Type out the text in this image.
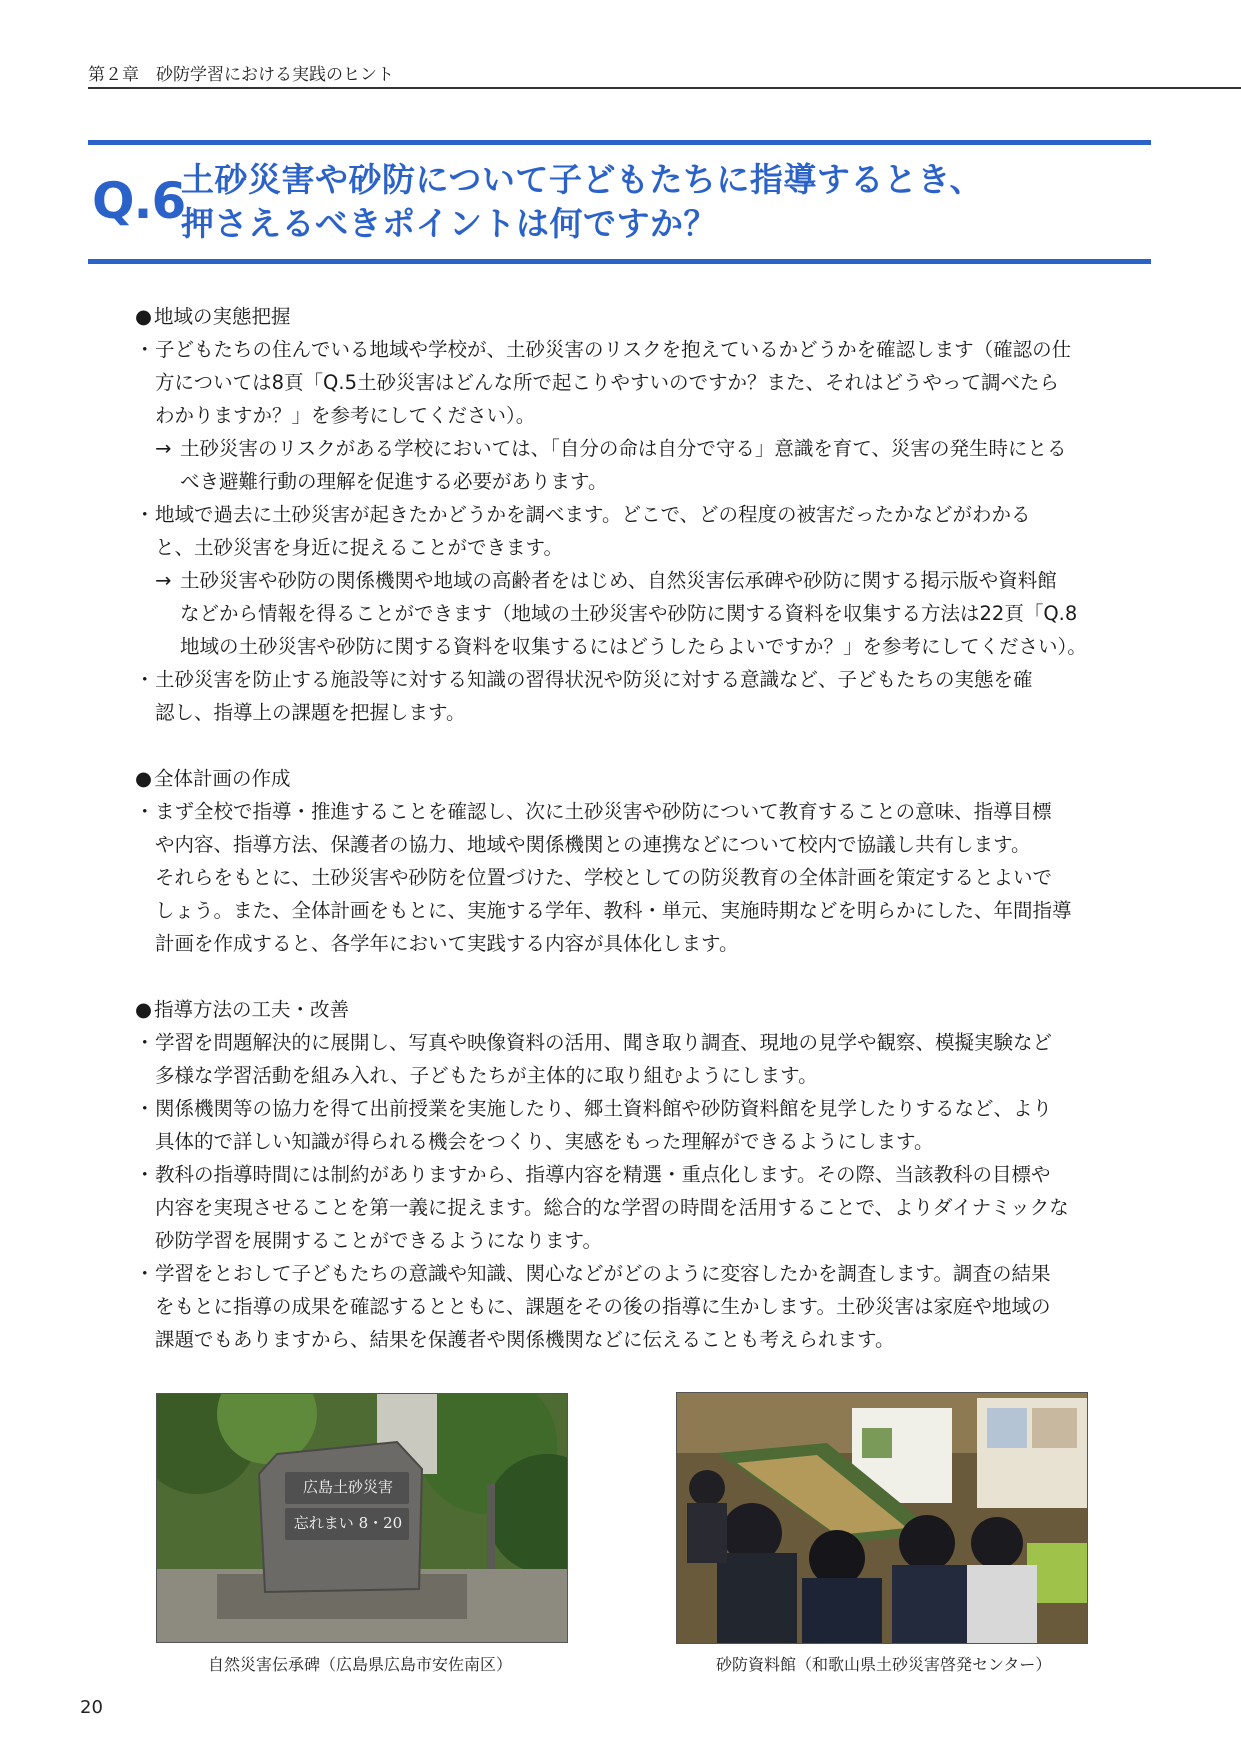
第２章　砂防学習における実践のヒント
Q.6
土砂災害や砂防について子どもたちに指導するとき、
押さえるべきポイントは何ですか？

● 地域の実態把握

・ 子どもたちの住んでいる地域や学校が、土砂災害のリスクを抱えているかどうかを確認します（確認の仕
方については8頁「Q.5土砂災害はどんな所で起こりやすいのですか？また、それはどうやって調べたら
わかりますか？」を参考にしてください）。

→ 土砂災害のリスクがある学校においては、「自分の命は自分で守る」意識を育て、災害の発生時にとる
べき避難行動の理解を促進する必要があります。

・ 地域で過去に土砂災害が起きたかどうかを調べます。どこで、どの程度の被害だったかなどがわかる
と、土砂災害を身近に捉えることができます。

→ 土砂災害や砂防の関係機関や地域の高齢者をはじめ、自然災害伝承碑や砂防に関する掲示版や資料館
などから情報を得ることができます（地域の土砂災害や砂防に関する資料を収集する方法は22頁「Q.8
地域の土砂災害や砂防に関する資料を収集するにはどうしたらよいですか？」を参考にしてください）。

・ 土砂災害を防止する施設等に対する知識の習得状況や防災に対する意識など、子どもたちの実態を確
認し、指導上の課題を把握します。

● 全体計画の作成

・ まず全校で指導・推進することを確認し、次に土砂災害や砂防について教育することの意味、指導目標
や内容、指導方法、保護者の協力、地域や関係機関との連携などについて校内で協議し共有します。
それらをもとに、土砂災害や砂防を位置づけた、学校としての防災教育の全体計画を策定するとよいで
しょう。また、全体計画をもとに、実施する学年、教科・単元、実施時期などを明らかにした、年間指導
計画を作成すると、各学年において実践する内容が具体化します。

● 指導方法の工夫・改善

・ 学習を問題解決的に展開し、写真や映像資料の活用、聞き取り調査、現地の見学や観察、模擬実験など
多様な学習活動を組み入れ、子どもたちが主体的に取り組むようにします。

・ 関係機関等の協力を得て出前授業を実施したり、郷土資料館や砂防資料館を見学したりするなど、より
具体的で詳しい知識が得られる機会をつくり、実感をもった理解ができるようにします。

・ 教科の指導時間には制約がありますから、指導内容を精選・重点化します。その際、当該教科の目標や
内容を実現させることを第一義に捉えます。総合的な学習の時間を活用することで、よりダイナミックな
砂防学習を展開することができるようになります。

・ 学習をとおして子どもたちの意識や知識、関心などがどのように変容したかを調査します。調査の結果
をもとに指導の成果を確認するとともに、課題をその後の指導に生かします。土砂災害は家庭や地域の
課題でもありますから、結果を保護者や関係機関などに伝えることも考えられます。

広島土砂災害
忘れまい 8・20
自然災害伝承碑（広島県広島市安佐南区）	砂防資料館（和歌山県土砂災害啓発センター）
20
